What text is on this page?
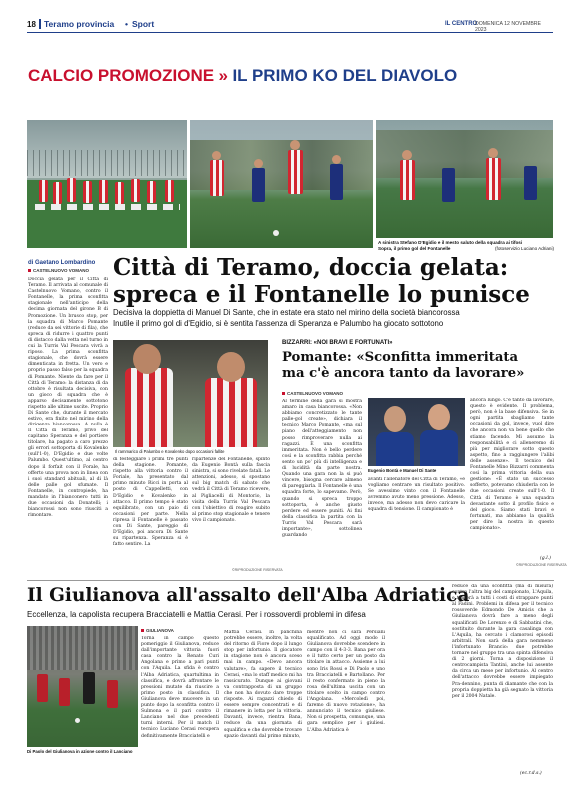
18 Teramo provincia • Sport	IL CENTRO
DOMENICA 12 NOVEMBRE 2023
CALCIO PROMOZIONE » IL PRIMO KO DEL DIAVOLO
A sinistra Stefano D'Egidio e il mesto saluto della squadra ai tifosi
Sopra, il primo gol del Fontanelle	(fotoservizio Luciano Adriani)
di Gaetano Lombardino
CASTELNUOVO VOMANO Città di Teramo, doccia gelata:
spreca e il Fontanelle lo punisce
Decisiva la doppietta di Manuel Di Sante, che in estate era stato nel mirino della società biancorossa
Inutile il primo gol di d'Egidio, si è sentita l'assenza di Speranza e Palumbo ha giocato sottotono
Doccia gelata per il Città di Teramo. Il arrivata al comunale di Castelnuovo Vomano, contro il Fontanelle, la prima sconfitta stagionale nell'anticipo della decima giornata del girone B di Promozione. Un brusco stop, per la squadra di Marco Pomante (reduce da sei vittorie di fila), che spreca di ridurre i quattro punti di distacco dalla vetta nel turno in cui la Turris Val Pescara vivrà a riposo. La prima sconfitta stagionale, che dovrà essere dimenticata in fretta. Un vero e proprio passo falso per la squadra di Pomante. Niente da fare per il Città di Teramo: la distanza di da ottobre è risultata decisiva, con un gioco di squadra che è apparso decisamente sottotono rispetto alle ultime uscite. Proprio Di Sante che, durante il mercato estivo, era finito nel mirino della
Il Città di Teramo, privo del capitano Speranza e del portiere titolare, ha pagato a caro prezzo gli errori sottoporta di Kovalenko (sull'1-0), D'Egidio e due volte Palumbo. Quest'ultimo, al centro dopo il forfait con il Forale, ha offerto una prova non in linea con i suoi standard abituali, al di là delle palle gol sfumate. Il Fontanelle, in contropiede, ha mandato in l'bianconero tutti in due occasioni da Donatelli; i biancorossi non sono riusciti a rimontare.
Il rammarico di Palumbo e Kovalenko dopo occasioni fallite
di festeggiare i primi tre punti della stagione. Pomante, rispetto alla vittoria contro il Foriale, ha presentato dal primo minuto Ricci in porta al posto di Cappelletti, con D'Egidio e Kovalenko in attacco. Il primo tempo è stato equilibrato, con un paio di occasioni per parte. Nella ripresa il Fontanelle è passato con Di Sante, pareggio di D'Egidio, poi ancora Di Sante su ripartenza. Speranza si è fatto sentire. La
ripartenze del Fontanelle, spinto da Eugenio Bontà sulla fascia sinistra, si sono rivelate fatali. Le attenzioni, adesso, si spostano sul big match di sabato che vedrà il Città di Teramo ricevere, al Pigliacelli di Montorio, la visita della Turris Val Pescara con l'obiettivo di reagire subito al primo stop stagionale e tenere vivo il campionato.
©RIPRODUZIONE RISERVATA
BIZZARRI: «NOI BRAVI E FORTUNATI»
Pomante: «Sconfitta immeritata
ma c'è ancora tanto da lavorare»
CASTELNUOVO VOMANO
Al termine della gara si mostra amaro in casa biancorossa. «Non abbiamo concretizzato le tante palle-gol create», dichiara il tecnico Marco Pomante, «ma sul piano dell'atteggiamento non posso rimproverare nulla ai ragazzi. È una sconfitta immeritata. Non è bello perdere così e la sconfitta rabbia perché sento un po' più di intelligenza e di lucidità da parte nostra. Quando una gara non la si può vincere, bisogna cercare almeno di pareggiarla. Il Fontanelle è una squadra forte, lo sapevamo. Però, quando si spreca troppo sottoporta, è anche giusto perdere ed essere puniti. Ai fini della classifica la partita con la Turris Val Pescara sarà importante», sottolinea guardando
Eugenio Bontà e Manuel Di Sante
avanti l'allenatore del Città di Teramo, «e vogliamo centrare un risultato positivo. Se avessimo vinto con il Fontanelle avremmo avuto meno pressione. Adesso, invece, ma adesso non devo caricare la squadra di tensione. Il campionato è
ancora lungo. C'è tanto da lavorare, questo è evidente. Il problema, però, non è la base difensiva. Se in ogni partita sbagliamo tante occasioni da gol, invece, vuol dire che ancora non va bene quello che stiamo facendo. Mi assumo la responsabilità e ci alleneremo di più per migliorare sotto questo aspetto, fino a raggiungere l'alibi delle assenze». Il tecnico del Fontanelle Mino Bizzarri commenta così la prima vittoria della sua gestione: «È stato un successo sofferto, potevamo chiuderla con le due occasioni create sull'1-0. Il Città di Teramo è una squadra devastante sotto il profilo fisico e del gioco. Siamo stati bravi e fortunati, ma abbiamo la qualità per dire la nostra in questo campionato».
(g.l.)
©RIPRODUZIONE RISERVATA
Il Giulianova all'assalto dell'Alba Adriatica
Eccellenza, la capolista recupera Bracciatelli e Mattia Cerasi. Per i rossoverdi problemi in difesa
Di Paolo del Giulianova in azione contro il Lanciano
GIULIANOVA
Torna in campo questo pomeriggio il Giulianova, reduce dall'importante vittoria fuori casa contro la Renato Curi Angolana e primo a pari punti con l'Aquila. La sfida è contro l'Alba Adriatica, quartultima in classifica, e dovrà affrontare le pressioni mutate da riuscire a primo posto in classifica. Il Giulianova deve muovere in un punto dopo la sconfitta contro il Sulmona e il pari contro il Lanciano nel due precedenti turni interni. Per il match il tecnico Luciano Cerasi recupera definitivamente Bracciatelli e
Mattia Cerasi. In panchina potrebbe essere, inoltre, la volta del ritorno di Fiore dopo il lungo stop per infortunio. Il giocatore in stagione non è ancora sceso mai in campo. «Devo ancora valutare», fa sapere il tecnico Cerasi, «ma lo staff medico mi ha rassicurato. Dunque ai giovani va contrapposta di un gruppo che non ha dovuto dare troppe risposte. Ai ragazzi chiedo di essere sempre concentrati e di rimanere in lotta per la vittoria. Davanti, invece, rientra Bana, reduce da una giornata di squalifica e che dovrebbe trovare spazio davanti dal primo minuto,
mentre non ci sarà Persiani squalificato. Ad oggi modo il Giulianova dovrebbe scendere in campo con il 4-3-3. Bana per ora e il tutto certo per un posto da titolare in attacco. Assieme a lui sono Iris Rossi e Di Paolo e uno tra Bracciatelli e Bartollano. Per il resto confermato in pieno la rosa dell'ultima uscita con un titolare scelto in campo contro l'Angolana. «Mercoledì poi, faremo di nuovo rotazione», ha annunciato il tecnico giuliese. Non si prospetta, comunque, una gara semplice per i giuliesi. L'Alba Adriatica è
reduce da una sconfitta (ma di misura) contro l'altra big del campionato, L'Aquila, e tenterà a tutti i costi di strappare punti al Fadini. Problemi in difesa per il tecnico rossoverde Edmondo De Amicis che a Giulianova dovrà fare a meno degli squalificati De Lorenzo e di Sabbatini che, sostituito durante la gara casalinga con L'Aquila, ha cercato i clamorosi episodi arbitrali. Non sarà della gara nemmeno l'infortunato Brancio: due potrebbe tornare nel gruppo tra una spinta difensiva di 2 giorni. Torna a disposizione il centrocampista Tantini, anche lui assente da circa un mese per infortunio. Al centro dell'attacco dovrebbe essere impiegato Pra-dennino, punta di diamante che con la propria doppietta ha già segnato la vittoria per il 2004 Natale.
(ec.r.d.s.)
